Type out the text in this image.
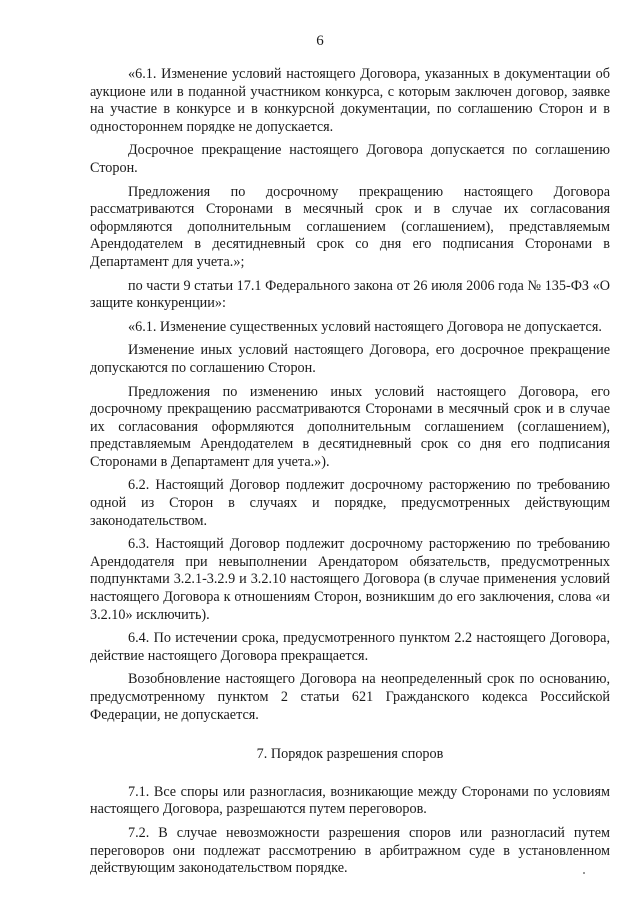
6

«6.1. Изменение условий настоящего Договора, указанных в документации об аукционе или в поданной участником конкурса, с которым заключен договор, заявке на участие в конкурсе и в конкурсной документации, по соглашению Сторон и в одностороннем порядке не допускается.

Досрочное прекращение настоящего Договора допускается по соглашению Сторон.

Предложения по досрочному прекращению настоящего Договора рассматриваются Сторонами в месячный срок и в случае их согласования оформляются дополнительным соглашением (соглашением), представляемым Арендодателем в десятидневный срок со дня его подписания Сторонами в Департамент для учета.»;

по части 9 статьи 17.1 Федерального закона от 26 июля 2006 года № 135-ФЗ «О защите конкуренции»:

«6.1. Изменение существенных условий настоящего Договора не допускается.

Изменение иных условий настоящего Договора, его досрочное прекращение допускаются по соглашению Сторон.

Предложения по изменению иных условий настоящего Договора, его досрочному прекращению рассматриваются Сторонами в месячный срок и в случае их согласования оформляются дополнительным соглашением (соглашением), представляемым Арендодателем в десятидневный срок со дня его подписания Сторонами в Департамент для учета.»).

6.2. Настоящий Договор подлежит досрочному расторжению по требованию одной из Сторон в случаях и порядке, предусмотренных действующим законодательством.

6.3. Настоящий Договор подлежит досрочному расторжению по требованию Арендодателя при невыполнении Арендатором обязательств, предусмотренных подпунктами 3.2.1-3.2.9 и 3.2.10 настоящего Договора (в случае применения условий настоящего Договора к отношениям Сторон, возникшим до его заключения, слова «и 3.2.10» исключить).

6.4. По истечении срока, предусмотренного пунктом 2.2 настоящего Договора, действие настоящего Договора прекращается.

Возобновление настоящего Договора на неопределенный срок по основанию, предусмотренному пунктом 2 статьи 621 Гражданского кодекса Российской Федерации, не допускается.

7. Порядок разрешения споров

7.1. Все споры или разногласия, возникающие между Сторонами по условиям настоящего Договора, разрешаются путем переговоров.

7.2. В случае невозможности разрешения споров или разногласий путем переговоров они подлежат рассмотрению в арбитражном суде в установленном действующим законодательством порядке.
